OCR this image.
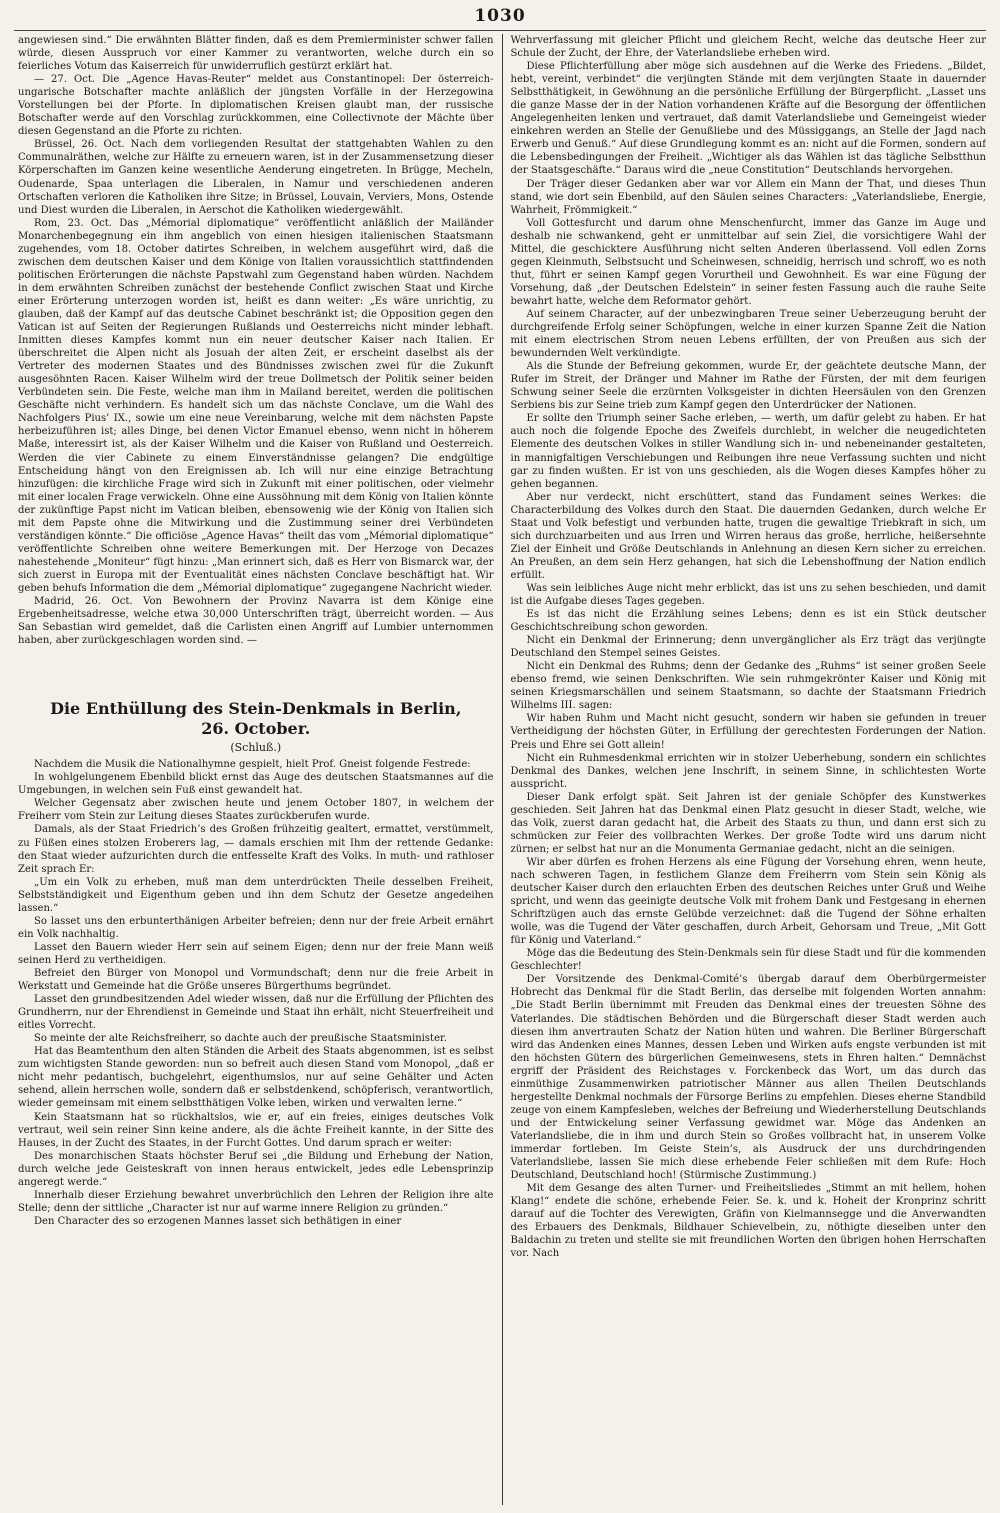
1030

angewiesen sind.“ Die erwähnten Blätter finden, daß es dem Premierminister schwer fallen würde, diesen Ausspruch vor einer Kammer zu verantworten, welche durch ein so feierliches Votum das Kaiserreich für unwiderruflich gestürzt erklärt hat.

— 27. Oct. Die „Agence Havas-Reuter“ meldet aus Constantinopel: Der österreich-ungarische Botschafter machte anläßlich der jüngsten Vorfälle in der Herzegowina Vorstellungen bei der Pforte. In diplomatischen Kreisen glaubt man, der russische Botschafter werde auf den Vorschlag zurückkommen, eine Collectivnote der Mächte über diesen Gegenstand an die Pforte zu richten.

Brüssel, 26. Oct. Nach dem vorliegenden Resultat der stattgehabten Wahlen zu den Communalräthen, welche zur Hälfte zu erneuern waren, ist in der Zusammensetzung dieser Körperschaften im Ganzen keine wesentliche Aenderung eingetreten. In Brügge, Mecheln, Oudenarde, Spaa unterlagen die Liberalen, in Namur und verschiedenen anderen Ortschaften verloren die Katholiken ihre Sitze; in Brüssel, Louvain, Verviers, Mons, Ostende und Diest wurden die Liberalen, in Aerschot die Katholiken wiedergewählt.

Rom, 23. Oct. Das „Mémorial diplomatique“ veröffentlicht anläßlich der Mailänder Monarchenbegegnung ein ihm angeblich von einen hiesigen italienischen Staatsmann zugehendes, vom 18. October datirtes Schreiben, in welchem ausgeführt wird, daß die zwischen dem deutschen Kaiser und dem Könige von Italien voraussichtlich stattfindenden politischen Erörterungen die nächste Papstwahl zum Gegenstand haben würden. Nachdem in dem erwähnten Schreiben zunächst der bestehende Conflict zwischen Staat und Kirche einer Erörterung unterzogen worden ist, heißt es dann weiter: „Es wäre unrichtig, zu glauben, daß der Kampf auf das deutsche Cabinet beschränkt ist; die Opposition gegen den Vatican ist auf Seiten der Regierungen Rußlands und Oesterreichs nicht minder lebhaft. Inmitten dieses Kampfes kommt nun ein neuer deutscher Kaiser nach Italien. Er überschreitet die Alpen nicht als Josuah der alten Zeit, er erscheint daselbst als der Vertreter des modernen Staates und des Bündnisses zwischen zwei für die Zukunft ausgesöhnten Racen. Kaiser Wilhelm wird der treue Dollmetsch der Politik seiner beiden Verbündeten sein. Die Feste, welche man ihm in Mailand bereitet, werden die politischen Geschäfte nicht verhindern. Es handelt sich um das nächste Conclave, um die Wahl des Nachfolgers Pius’ IX., sowie um eine neue Vereinbarung, welche mit dem nächsten Papste herbeizuführen ist; alles Dinge, bei denen Victor Emanuel ebenso, wenn nicht in höherem Maße, interessirt ist, als der Kaiser Wilhelm und die Kaiser von Rußland und Oesterreich. Werden die vier Cabinete zu einem Einverständnisse gelangen? Die endgültige Entscheidung hängt von den Ereignissen ab. Ich will nur eine einzige Betrachtung hinzufügen: die kirchliche Frage wird sich in Zukunft mit einer politischen, oder vielmehr mit einer localen Frage verwickeln. Ohne eine Aussöhnung mit dem König von Italien könnte der zukünftige Papst nicht im Vatican bleiben, ebensowenig wie der König von Italien sich mit dem Papste ohne die Mitwirkung und die Zustimmung seiner drei Verbündeten verständigen könnte.“ Die officiöse „Agence Havas“ theilt das vom „Mémorial diplomatique“ veröffentlichte Schreiben ohne weitere Bemerkungen mit. Der Herzoge von Decazes nahestehende „Moniteur“ fügt hinzu: „Man erinnert sich, daß es Herr von Bismarck war, der sich zuerst in Europa mit der Eventualität eines nächsten Conclave beschäftigt hat. Wir geben behufs Information die dem „Mémorial diplomatique“ zugegangene Nachricht wieder.

Madrid, 26. Oct. Von Bewohnern der Provinz Navarra ist dem Könige eine Ergebenheitsadresse, welche etwa 30,000 Unterschriften trägt, überreicht worden. — Aus San Sebastian wird gemeldet, daß die Carlisten einen Angriff auf Lumbier unternommen haben, aber zurückgeschlagen worden sind. —

Die Enthüllung des Stein-Denkmals in Berlin,
26. October.
(Schluß.)

Nachdem die Musik die Nationalhymne gespielt, hielt Prof. Gneist folgende Festrede:

In wohlgelungenem Ebenbild blickt ernst das Auge des deutschen Staatsmannes auf die Umgebungen, in welchen sein Fuß einst gewandelt hat.

Welcher Gegensatz aber zwischen heute und jenem October 1807, in welchem der Freiherr vom Stein zur Leitung dieses Staates zurückberufen wurde.

Damals, als der Staat Friedrich’s des Großen frühzeitig gealtert, ermattet, verstümmelt, zu Füßen eines stolzen Eroberers lag, — damals erschien mit Ihm der rettende Gedanke: den Staat wieder aufzurichten durch die entfesselte Kraft des Volks. In muth- und rathloser Zeit sprach Er:

„Um ein Volk zu erheben, muß man dem unterdrückten Theile desselben Freiheit, Selbstständigkeit und Eigenthum geben und ihn dem Schutz der Gesetze angedeihen lassen.“

So lasset uns den erbunterthänigen Arbeiter befreien; denn nur der freie Arbeit ernährt ein Volk nachhaltig.

Lasset den Bauern wieder Herr sein auf seinem Eigen; denn nur der freie Mann weiß seinen Herd zu vertheidigen.

Befreiet den Bürger von Monopol und Vormundschaft; denn nur die freie Arbeit in Werkstatt und Gemeinde hat die Größe unseres Bürgerthums begründet.

Lasset den grundbesitzenden Adel wieder wissen, daß nur die Erfüllung der Pflichten des Grundherrn, nur der Ehrendienst in Gemeinde und Staat ihn erhält, nicht Steuerfreiheit und eitles Vorrecht.

So meinte der alte Reichsfreiherr, so dachte auch der preußische Staatsminister.

Hat das Beamtenthum den alten Ständen die Arbeit des Staats abgenommen, ist es selbst zum wichtigsten Stande geworden: nun so befreit auch diesen Stand vom Monopol, „daß er nicht mehr pedantisch, buchgelehrt, eigenthumslos, nur auf seine Gehälter und Acten sehend, allein herrschen wolle, sondern daß er selbstdenkend, schöpferisch, verantwortlich, wieder gemeinsam mit einem selbstthätigen Volke leben, wirken und verwalten lerne.“

Kein Staatsmann hat so rückhaltslos, wie er, auf ein freies, einiges deutsches Volk vertraut, weil sein reiner Sinn keine andere, als die ächte Freiheit kannte, in der Sitte des Hauses, in der Zucht des Staates, in der Furcht Gottes. Und darum sprach er weiter:

Des monarchischen Staats höchster Beruf sei „die Bildung und Erhebung der Nation, durch welche jede Geisteskraft von innen heraus entwickelt, jedes edle Lebensprinzip angeregt werde.“

Innerhalb dieser Erziehung bewahret unverbrüchlich den Lehren der Religion ihre alte Stelle; denn der sittliche „Character ist nur auf warme innere Religion zu gründen.“

Den Character des so erzogenen Mannes lasset sich bethätigen in einer

Wehrverfassung mit gleicher Pflicht und gleichem Recht, welche das deutsche Heer zur Schule der Zucht, der Ehre, der Vaterlandsliebe erheben wird.

Diese Pflichterfüllung aber möge sich ausdehnen auf die Werke des Friedens. „Bildet, hebt, vereint, verbindet“ die verjüngten Stände mit dem verjüngten Staate in dauernder Selbstthätigkeit, in Gewöhnung an die persönliche Erfüllung der Bürgerpflicht. „Lasset uns die ganze Masse der in der Nation vorhandenen Kräfte auf die Besorgung der öffentlichen Angelegenheiten lenken und vertrauet, daß damit Vaterlandsliebe und Gemeingeist wieder einkehren werden an Stelle der Genußliebe und des Müssiggangs, an Stelle der Jagd nach Erwerb und Genuß.“ Auf diese Grundlegung kommt es an: nicht auf die Formen, sondern auf die Lebensbedingungen der Freiheit. „Wichtiger als das Wählen ist das tägliche Selbstthun der Staatsgeschäfte.“ Daraus wird die „neue Constitution“ Deutschlands hervorgehen.

Der Träger dieser Gedanken aber war vor Allem ein Mann der That, und dieses Thun stand, wie dort sein Ebenbild, auf den Säulen seines Characters: „Vaterlandsliebe, Energie, Wahrheit, Frömmigkeit.“

Voll Gottesfurcht und darum ohne Menschenfurcht, immer das Ganze im Auge und deshalb nie schwankend, geht er unmittelbar auf sein Ziel, die vorsichtigere Wahl der Mittel, die geschicktere Ausführung nicht selten Anderen überlassend. Voll edlen Zorns gegen Kleinmuth, Selbstsucht und Scheinwesen, schneidig, herrisch und schroff, wo es noth thut, führt er seinen Kampf gegen Vorurtheil und Gewohnheit. Es war eine Fügung der Vorsehung, daß „der Deutschen Edelstein“ in seiner festen Fassung auch die rauhe Seite bewahrt hatte, welche dem Reformator gehört.

Auf seinem Character, auf der unbezwingbaren Treue seiner Ueberzeugung beruht der durchgreifende Erfolg seiner Schöpfungen, welche in einer kurzen Spanne Zeit die Nation mit einem electrischen Strom neuen Lebens erfüllten, der von Preußen aus sich der bewundernden Welt verkündigte.

Als die Stunde der Befreiung gekommen, wurde Er, der geächtete deutsche Mann, der Rufer im Streit, der Dränger und Mahner im Rathe der Fürsten, der mit dem feurigen Schwung seiner Seele die erzürnten Volksgeister in dichten Heersäulen von den Grenzen Serbiens bis zur Seine trieb zum Kampf gegen den Unterdrücker der Nationen.

Er sollte den Triumph seiner Sache erleben, — werth, um dafür gelebt zu haben. Er hat auch noch die folgende Epoche des Zweifels durchlebt, in welcher die neugedichteten Elemente des deutschen Volkes in stiller Wandlung sich in- und nebeneinander gestalteten, in mannigfaltigen Verschiebungen und Reibungen ihre neue Verfassung suchten und nicht gar zu finden wußten. Er ist von uns geschieden, als die Wogen dieses Kampfes höher zu gehen begannen.

Aber nur verdeckt, nicht erschüttert, stand das Fundament seines Werkes: die Characterbildung des Volkes durch den Staat. Die dauernden Gedanken, durch welche Er Staat und Volk befestigt und verbunden hatte, trugen die gewaltige Triebkraft in sich, um sich durchzuarbeiten und aus Irren und Wirren heraus das große, herrliche, heißersehnte Ziel der Einheit und Größe Deutschlands in Anlehnung an diesen Kern sicher zu erreichen. An Preußen, an dem sein Herz gehangen, hat sich die Lebenshoffnung der Nation endlich erfüllt.

Was sein leibliches Auge nicht mehr erblickt, das ist uns zu sehen beschieden, und damit ist die Aufgabe dieses Tages gegeben.

Es ist das nicht die Erzählung seines Lebens; denn es ist ein Stück deutscher Geschichtschreibung schon geworden.

Nicht ein Denkmal der Erinnerung; denn unvergänglicher als Erz trägt das verjüngte Deutschland den Stempel seines Geistes.

Nicht ein Denkmal des Ruhms; denn der Gedanke des „Ruhms“ ist seiner großen Seele ebenso fremd, wie seinen Denkschriften. Wie sein ruhmgekrönter Kaiser und König mit seinen Kriegsmarschällen und seinem Staatsmann, so dachte der Staatsmann Friedrich Wilhelms III. sagen:

Wir haben Ruhm und Macht nicht gesucht, sondern wir haben sie gefunden in treuer Vertheidigung der höchsten Güter, in Erfüllung der gerechtesten Forderungen der Nation. Preis und Ehre sei Gott allein!

Nicht ein Ruhmesdenkmal errichten wir in stolzer Ueberhebung, sondern ein schlichtes Denkmal des Dankes, welchen jene Inschrift, in seinem Sinne, in schlichtesten Worte ausspricht.

Dieser Dank erfolgt spät. Seit Jahren ist der geniale Schöpfer des Kunstwerkes geschieden. Seit Jahren hat das Denkmal einen Platz gesucht in dieser Stadt, welche, wie das Volk, zuerst daran gedacht hat, die Arbeit des Staats zu thun, und dann erst sich zu schmücken zur Feier des vollbrachten Werkes. Der große Todte wird uns darum nicht zürnen; er selbst hat nur an die Monumenta Germaniae gedacht, nicht an die seinigen.

Wir aber dürfen es frohen Herzens als eine Fügung der Vorsehung ehren, wenn heute, nach schweren Tagen, in festlichem Glanze dem Freiherrn vom Stein sein König als deutscher Kaiser durch den erlauchten Erben des deutschen Reiches unter Gruß und Weihe spricht, und wenn das geeinigte deutsche Volk mit frohem Dank und Festgesang in ehernen Schriftzügen auch das ernste Gelübde verzeichnet: daß die Tugend der Söhne erhalten wolle, was die Tugend der Väter geschaffen, durch Arbeit, Gehorsam und Treue, „Mit Gott für König und Vaterland.“

Möge das die Bedeutung des Stein-Denkmals sein für diese Stadt und für die kommenden Geschlechter!

Der Vorsitzende des Denkmal-Comité’s übergab darauf dem Oberbürgermeister Hobrecht das Denkmal für die Stadt Berlin, das derselbe mit folgenden Worten annahm: „Die Stadt Berlin übernimmt mit Freuden das Denkmal eines der treuesten Söhne des Vaterlandes. Die städtischen Behörden und die Bürgerschaft dieser Stadt werden auch diesen ihm anvertrauten Schatz der Nation hüten und wahren. Die Berliner Bürgerschaft wird das Andenken eines Mannes, dessen Leben und Wirken aufs engste verbunden ist mit den höchsten Gütern des bürgerlichen Gemeinwesens, stets in Ehren halten.“ Demnächst ergriff der Präsident des Reichstages v. Forckenbeck das Wort, um das durch das einmüthige Zusammenwirken patriotischer Männer aus allen Theilen Deutschlands hergestellte Denkmal nochmals der Fürsorge Berlins zu empfehlen. Dieses eherne Standbild zeuge von einem Kampfesleben, welches der Befreiung und Wiederherstellung Deutschlands und der Entwickelung seiner Verfassung gewidmet war. Möge das Andenken an Vaterlandsliebe, die in ihm und durch Stein so Großes vollbracht hat, in unserem Volke immerdar fortleben. Im Geiste Stein’s, als Ausdruck der uns durchdringenden Vaterlandsliebe, lassen Sie mich diese erhebende Feier schließen mit dem Rufe: Hoch Deutschland, Deutschland hoch! (Stürmische Zustimmung.)

Mit dem Gesange des alten Turner- und Freiheitsliedes „Stimmt an mit hellem, hohen Klang!“ endete die schöne, erhebende Feier. Se. k. und k. Hoheit der Kronprinz schritt darauf auf die Tochter des Verewigten, Gräfin von Kielmannsegge und die Anverwandten des Erbauers des Denkmals, Bildhauer Schievelbein, zu, nöthigte dieselben unter den Baldachin zu treten und stellte sie mit freundlichen Worten den übrigen hohen Herrschaften vor. Nach
